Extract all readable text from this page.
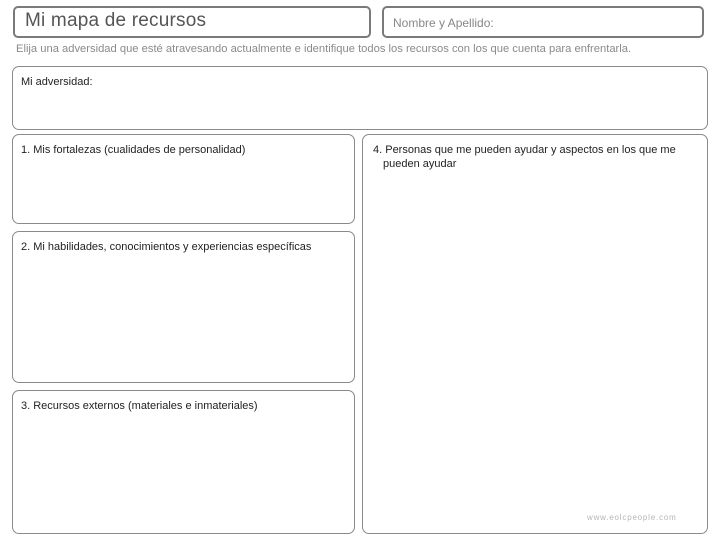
Mi mapa de recursos	Nombre y Apellido:
Elija una adversidad que esté atravesando actualmente e identifique todos los recursos con los que cuenta para enfrentarla.
Mi adversidad:
1. Mis fortalezas (cualidades de personalidad)
2. Mi habilidades, conocimientos y experiencias específicas
3. Recursos externos (materiales e inmateriales)
4. Personas que me pueden ayudar y aspectos en los que me
pueden ayudar
www.eolcpeople.com
